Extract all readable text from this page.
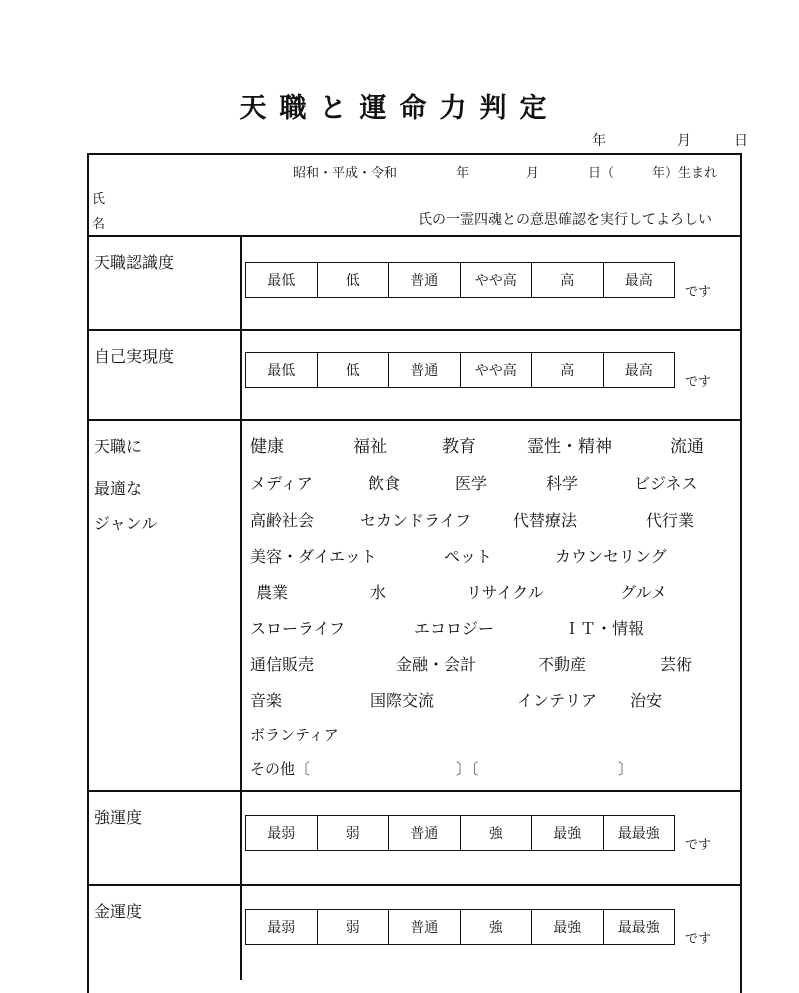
天職と運命力判定
年	月	日
氏
名
昭和・平成・令和	年	月	日（	年）生まれ
氏の一霊四魂との意思確認を実行してよろしい
天職認識度
最低	低	普通	やや高	高	最高
です
自己実現度
最低	低	普通	やや高	高	最高
です
天職に
最適な
ジャンル
健康	福祉	教育	霊性・精神	流通
メディア	飲食	医学	科学	ビジネス
高齢社会	セカンドライフ	代替療法	代行業
美容・ダイエット	ペット	カウンセリング
農業	水	リサイクル	グルメ
スローライフ	エコロジー	ＩＴ・情報
通信販売	金融・会計	不動産	芸術
音楽	国際交流	インテリア 治安
ボランティア
その他〔	〕〔	〕
強運度
最弱	弱	普通	強	最強	最最強
です
金運度
最弱	弱	普通	強	最強	最最強
です
